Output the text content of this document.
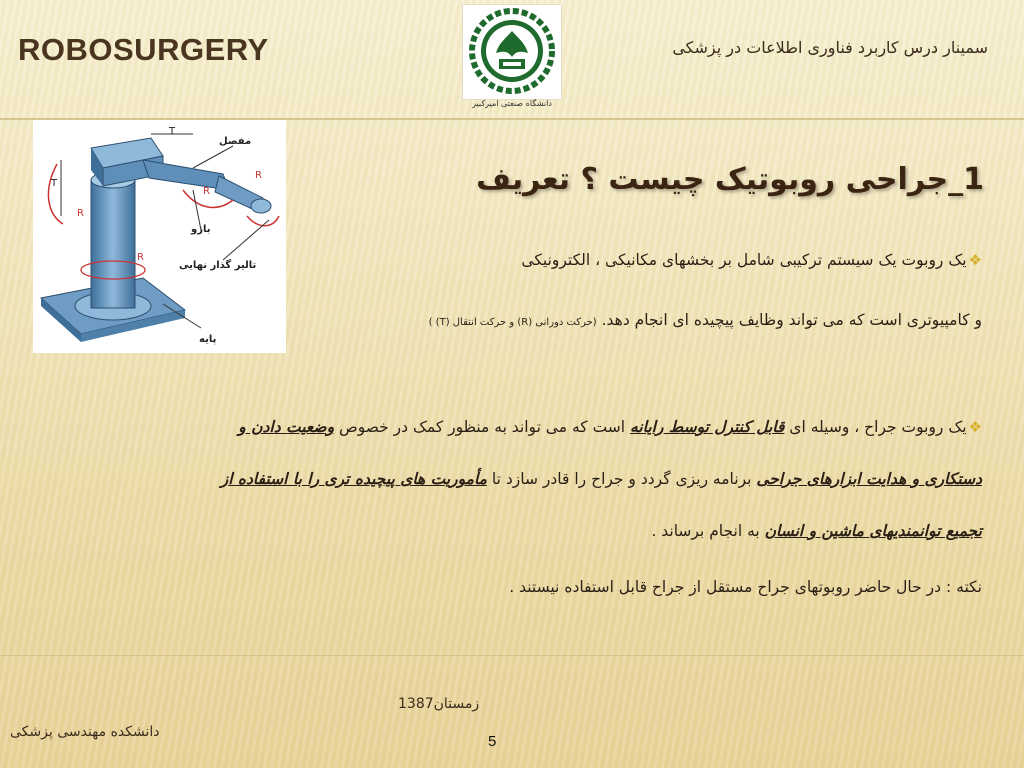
ROBOSURGERY	سمینار درس کاربرد فناوری اطلاعات در پزشکی
دانشگاه صنعتی امیرکبیر
مفصل
بازو
تالیر گذار نهایی
پایه
T
T
R
R
R
R	1_جراحی روبوتیک چیست ؟ تعریف
❖یک روبوت یک سیستم ترکیبی شامل بر بخشهای مکانیکی ، الکترونیکی
و کامپیوتری است که می تواند وظایف پیچیده ای انجام دهد. (حرکت دورانی (R) و حرکت انتقال (T) )
❖یک روبوت جراح ، وسیله ای قابل کنترل توسط رایانه است که می تواند به منظور کمک در خصوص وضعیت دادن و
دستکاری و هدایت ابزارهای جراحی برنامه ریزی گردد و جراح را قادر سازد تا مأموریت های پیچیده تری را با استفاده از
تجمیع توانمندیهای ماشین و انسان به انجام برساند .
نکته : در حال حاضر روبوتهای جراح مستقل از جراح قابل استفاده نیستند .
زمستان1387
دانشکده مهندسی پزشکی
5
